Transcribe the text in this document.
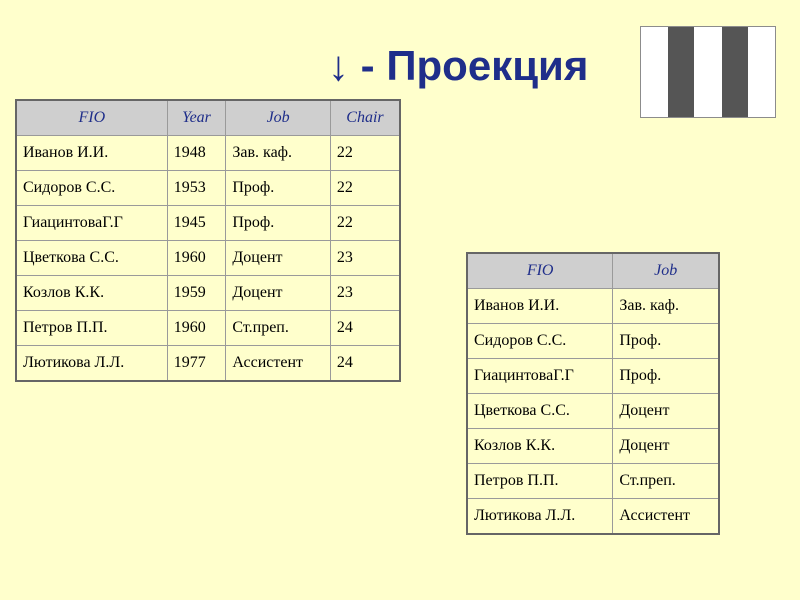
↓ - Проекция
FIO	Year	Job	Chair
Иванов И.И.	1948	Зав. каф.	22
Сидоров С.С.	1953	Проф.	22
ГиацинтоваГ.Г	1945	Проф.	22
Цветкова С.С.	1960	Доцент	23
Козлов К.К.	1959	Доцент	23
Петров П.П.	1960	Ст.преп.	24
Лютикова Л.Л.	1977	Ассистент	24
FIO	Job
Иванов И.И.	Зав. каф.
Сидоров С.С.	Проф.
ГиацинтоваГ.Г	Проф.
Цветкова С.С.	Доцент
Козлов К.К.	Доцент
Петров П.П.	Ст.преп.
Лютикова Л.Л.	Ассистент
